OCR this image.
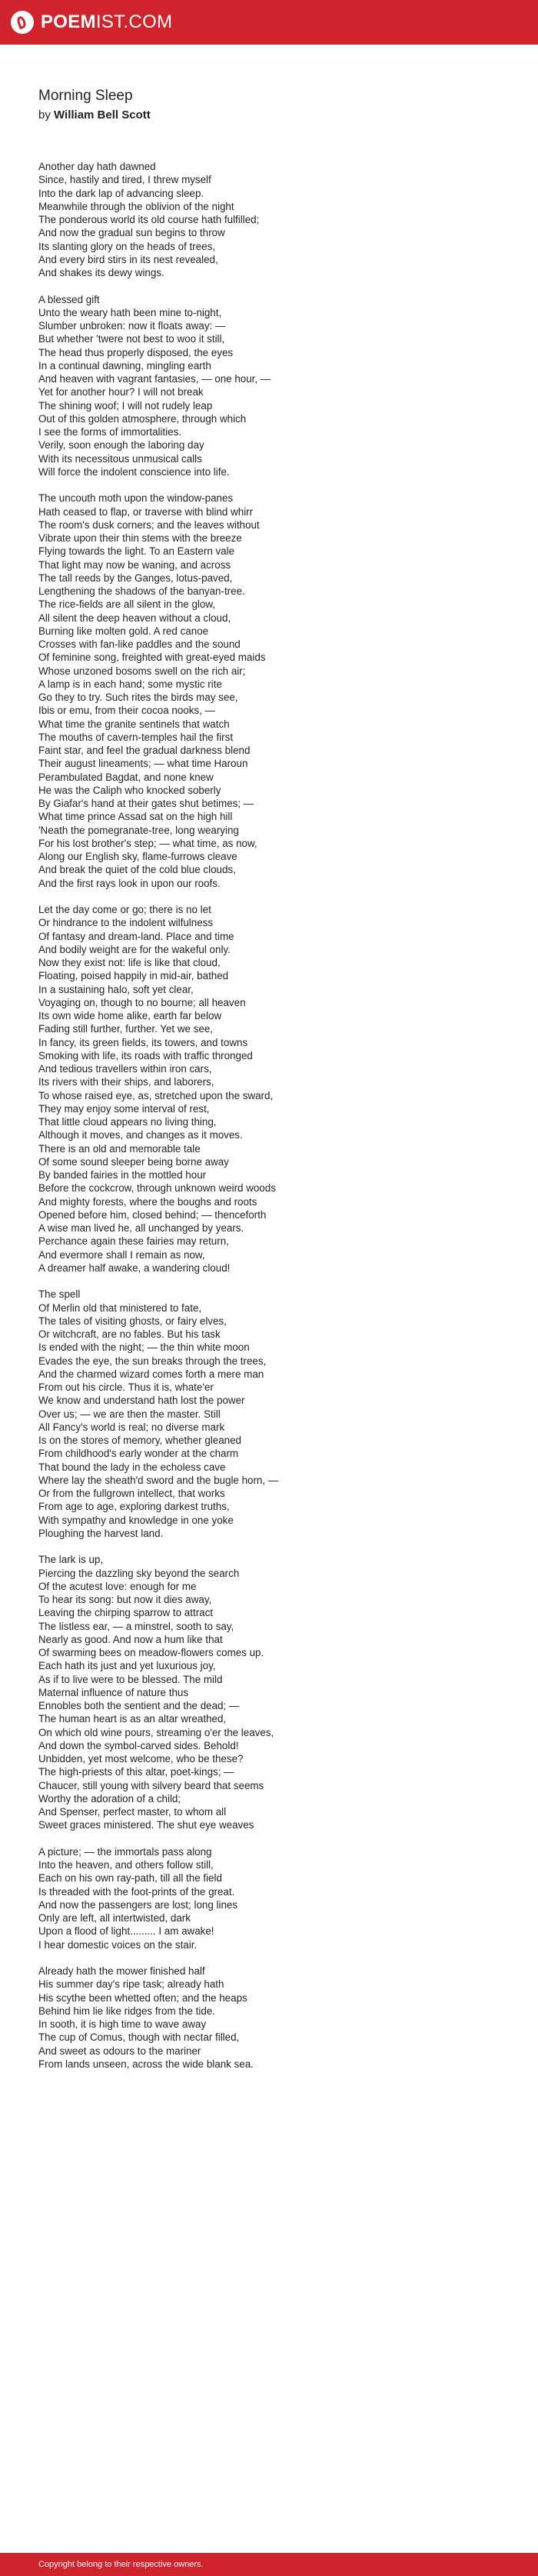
POEMIST.COM
Morning Sleep
by William Bell Scott
Another day hath dawned
Since, hastily and tired, I threw myself
Into the dark lap of advancing sleep.
Meanwhile through the oblivion of the night
The ponderous world its old course hath fulfilled;
And now the gradual sun begins to throw
Its slanting glory on the heads of trees,
And every bird stirs in its nest revealed,
And shakes its dewy wings.
A blessed gift
Unto the weary hath been mine to-night,
Slumber unbroken: now it floats away: —
But whether 'twere not best to woo it still,
The head thus properly disposed, the eyes
In a continual dawning, mingling earth
And heaven with vagrant fantasies, — one hour, —
Yet for another hour? I will not break
The shining woof; I will not rudely leap
Out of this golden atmosphere, through which
I see the forms of immortalities.
Verily, soon enough the laboring day
With its necessitous unmusical calls
Will force the indolent conscience into life.
The uncouth moth upon the window-panes
Hath ceased to flap, or traverse with blind whirr
The room's dusk corners; and the leaves without
Vibrate upon their thin stems with the breeze
Flying towards the light. To an Eastern vale
That light may now be waning, and across
The tall reeds by the Ganges, lotus-paved,
Lengthening the shadows of the banyan-tree.
The rice-fields are all silent in the glow,
All silent the deep heaven without a cloud,
Burning like molten gold. A red canoe
Crosses with fan-like paddles and the sound
Of feminine song, freighted with great-eyed maids
Whose unzoned bosoms swell on the rich air;
A lamp is in each hand; some mystic rite
Go they to try. Such rites the birds may see,
Ibis or emu, from their cocoa nooks, —
What time the granite sentinels that watch
The mouths of cavern-temples hail the first
Faint star, and feel the gradual darkness blend
Their august lineaments; — what time Haroun
Perambulated Bagdat, and none knew
He was the Caliph who knocked soberly
By Giafar's hand at their gates shut betimes; —
What time prince Assad sat on the high hill
'Neath the pomegranate-tree, long wearying
For his lost brother's step; — what time, as now,
Along our English sky, flame-furrows cleave
And break the quiet of the cold blue clouds,
And the first rays look in upon our roofs.
Let the day come or go; there is no let
Or hindrance to the indolent wilfulness
Of fantasy and dream-land. Place and time
And bodily weight are for the wakeful only.
Now they exist not: life is like that cloud,
Floating, poised happily in mid-air, bathed
In a sustaining halo, soft yet clear,
Voyaging on, though to no bourne; all heaven
Its own wide home alike, earth far below
Fading still further, further. Yet we see,
In fancy, its green fields, its towers, and towns
Smoking with life, its roads with traffic thronged
And tedious travellers within iron cars,
Its rivers with their ships, and laborers,
To whose raised eye, as, stretched upon the sward,
They may enjoy some interval of rest,
That little cloud appears no living thing,
Although it moves, and changes as it moves.
There is an old and memorable tale
Of some sound sleeper being borne away
By banded fairies in the mottled hour
Before the cockcrow, through unknown weird woods
And mighty forests, where the boughs and roots
Opened before him, closed behind; — thenceforth
A wise man lived he, all unchanged by years.
Perchance again these fairies may return,
And evermore shall I remain as now,
A dreamer half awake, a wandering cloud!
The spell
Of Merlin old that ministered to fate,
The tales of visiting ghosts, or fairy elves,
Or witchcraft, are no fables. But his task
Is ended with the night; — the thin white moon
Evades the eye, the sun breaks through the trees,
And the charmed wizard comes forth a mere man
From out his circle. Thus it is, whate'er
We know and understand hath lost the power
Over us; — we are then the master. Still
All Fancy's world is real; no diverse mark
Is on the stores of memory, whether gleaned
From childhood's early wonder at the charm
That bound the lady in the echoless cave
Where lay the sheath'd sword and the bugle horn, —
Or from the fullgrown intellect, that works
From age to age, exploring darkest truths,
With sympathy and knowledge in one yoke
Ploughing the harvest land.
The lark is up,
Piercing the dazzling sky beyond the search
Of the acutest love: enough for me
To hear its song: but now it dies away,
Leaving the chirping sparrow to attract
The listless ear, — a minstrel, sooth to say,
Nearly as good. And now a hum like that
Of swarming bees on meadow-flowers comes up.
Each hath its just and yet luxurious joy,
As if to live were to be blessed. The mild
Maternal influence of nature thus
Ennobles both the sentient and the dead; —
The human heart is as an altar wreathed,
On which old wine pours, streaming o'er the leaves,
And down the symbol-carved sides. Behold!
Unbidden, yet most welcome, who be these?
The high-priests of this altar, poet-kings; —
Chaucer, still young with silvery beard that seems
Worthy the adoration of a child;
And Spenser, perfect master, to whom all
Sweet graces ministered. The shut eye weaves
A picture; — the immortals pass along
Into the heaven, and others follow still,
Each on his own ray-path, till all the field
Is threaded with the foot-prints of the great.
And now the passengers are lost; long lines
Only are left, all intertwisted, dark
Upon a flood of light......... I am awake!
I hear domestic voices on the stair.
Already hath the mower finished half
His summer day's ripe task; already hath
His scythe been whetted often; and the heaps
Behind him lie like ridges from the tide.
In sooth, it is high time to wave away
The cup of Comus, though with nectar filled,
And sweet as odours to the mariner
From lands unseen, across the wide blank sea.
Copyright belong to their respective owners.
